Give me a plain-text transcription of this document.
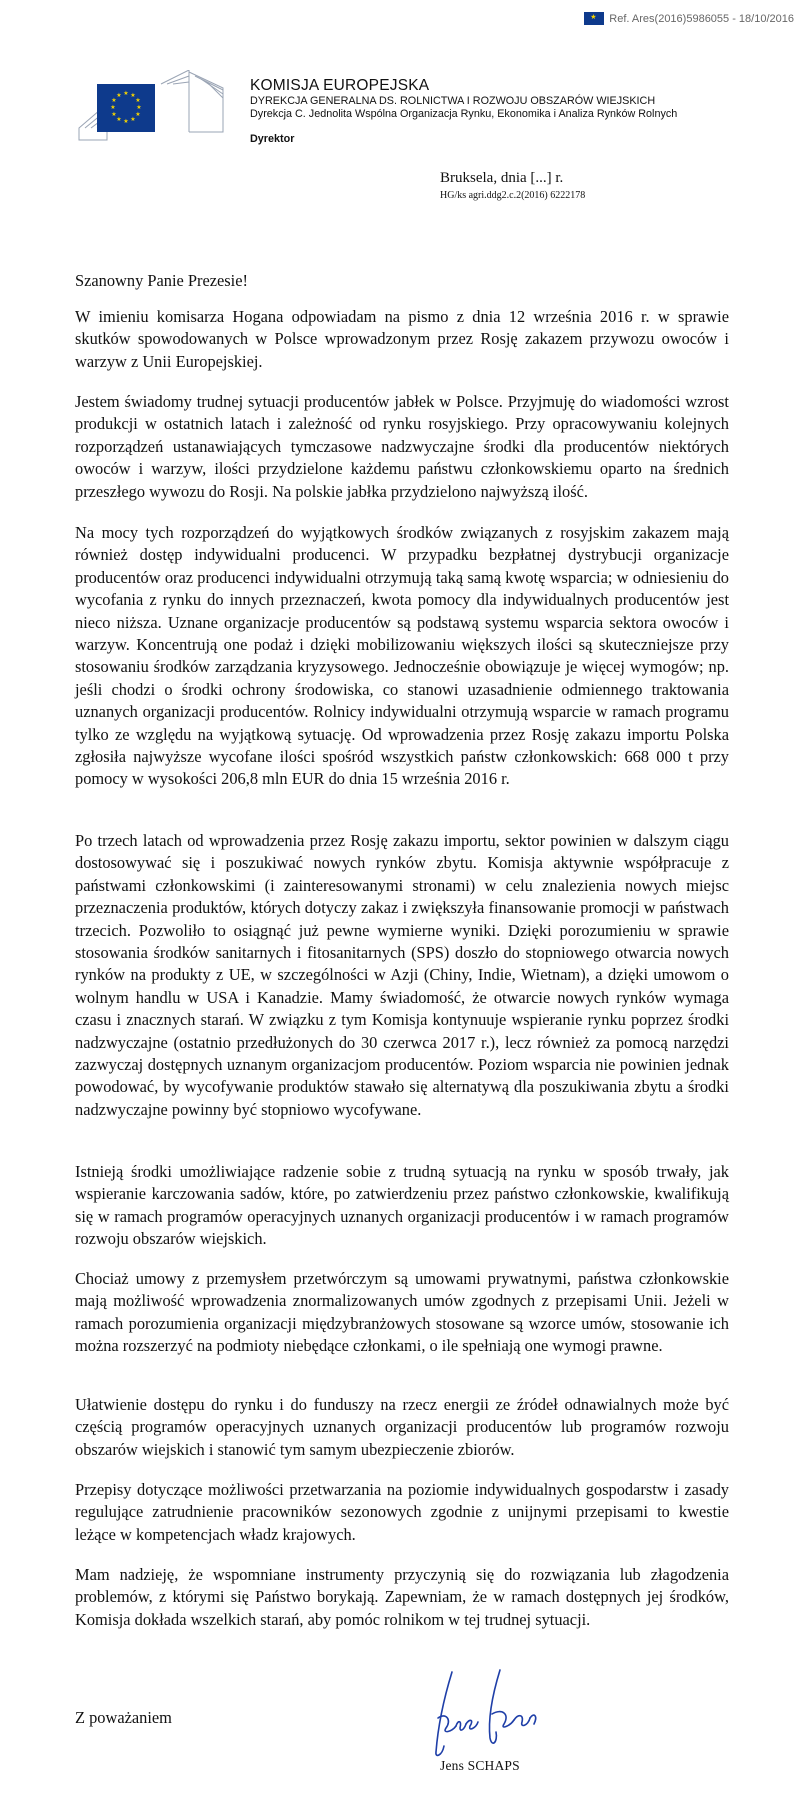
★
Ref. Ares(2016)5986055 - 18/10/2016
★ ★
★
★
★
★
★
★
★
★
★
★
KOMISJA EUROPEJSKA
DYREKCJA GENERALNA DS. ROLNICTWA I ROZWOJU OBSZARÓW WIEJSKICH
Dyrekcja C. Jednolita Wspólna Organizacja Rynku, Ekonomika i Analiza Rynków Rolnych
Dyrektor
Bruksela, dnia [...] r.
HG/ks agri.ddg2.c.2(2016) 6222178

Szanowny Panie Prezesie!

W imieniu komisarza Hogana odpowiadam na pismo z dnia 12 września 2016 r. w sprawie skutków spowodowanych w Polsce wprowadzonym przez Rosję zakazem przywozu owoców i warzyw z Unii Europejskiej.

Jestem świadomy trudnej sytuacji producentów jabłek w Polsce. Przyjmuję do wiadomości wzrost produkcji w ostatnich latach i zależność od rynku rosyjskiego. Przy opracowywaniu kolejnych rozporządzeń ustanawiających tymczasowe nadzwyczajne środki dla producentów niektórych owoców i warzyw, ilości przydzielone każdemu państwu członkowskiemu oparto na średnich przeszłego wywozu do Rosji. Na polskie jabłka przydzielono najwyższą ilość.

Na mocy tych rozporządzeń do wyjątkowych środków związanych z rosyjskim zakazem mają również dostęp indywidualni producenci. W przypadku bezpłatnej dystrybucji organizacje producentów oraz producenci indywidualni otrzymują taką samą kwotę wsparcia; w odniesieniu do wycofania z rynku do innych przeznaczeń, kwota pomocy dla indywidualnych producentów jest nieco niższa. Uznane organizacje producentów są podstawą systemu wsparcia sektora owoców i warzyw. Koncentrują one podaż i dzięki mobilizowaniu większych ilości są skuteczniejsze przy stosowaniu środków zarządzania kryzysowego. Jednocześnie obowiązuje je więcej wymogów; np. jeśli chodzi o środki ochrony środowiska, co stanowi uzasadnienie odmiennego traktowania uznanych organizacji producentów. Rolnicy indywidualni otrzymują wsparcie w ramach programu tylko ze względu na wyjątkową sytuację. Od wprowadzenia przez Rosję zakazu importu Polska zgłosiła najwyższe wycofane ilości spośród wszystkich państw członkowskich: 668 000 t przy pomocy w wysokości 206,8 mln EUR do dnia 15 września 2016 r.

Po trzech latach od wprowadzenia przez Rosję zakazu importu, sektor powinien w dalszym ciągu dostosowywać się i poszukiwać nowych rynków zbytu. Komisja aktywnie współpracuje z państwami członkowskimi (i zainteresowanymi stronami) w celu znalezienia nowych miejsc przeznaczenia produktów, których dotyczy zakaz i zwiększyła finansowanie promocji w państwach trzecich. Pozwoliło to osiągnąć już pewne wymierne wyniki. Dzięki porozumieniu w sprawie stosowania środków sanitarnych i fitosanitarnych (SPS) doszło do stopniowego otwarcia nowych rynków na produkty z UE, w szczególności w Azji (Chiny, Indie, Wietnam), a dzięki umowom o wolnym handlu w USA i Kanadzie. Mamy świadomość, że otwarcie nowych rynków wymaga czasu i znacznych starań. W związku z tym Komisja kontynuuje wspieranie rynku poprzez środki nadzwyczajne (ostatnio przedłużonych do 30 czerwca 2017 r.), lecz również za pomocą narzędzi zazwyczaj dostępnych uznanym organizacjom producentów. Poziom wsparcia nie powinien jednak powodować, by wycofywanie produktów stawało się alternatywą dla poszukiwania zbytu a środki nadzwyczajne powinny być stopniowo wycofywane.

Istnieją środki umożliwiające radzenie sobie z trudną sytuacją na rynku w sposób trwały, jak wspieranie karczowania sadów, które, po zatwierdzeniu przez państwo członkowskie, kwalifikują się w ramach programów operacyjnych uznanych organizacji producentów i w ramach programów rozwoju obszarów wiejskich.

Chociaż umowy z przemysłem przetwórczym są umowami prywatnymi, państwa członkowskie mają możliwość wprowadzenia znormalizowanych umów zgodnych z przepisami Unii. Jeżeli w ramach porozumienia organizacji międzybranżowych stosowane są wzorce umów, stosowanie ich można rozszerzyć na podmioty niebędące członkami, o ile spełniają one wymogi prawne.

Ułatwienie dostępu do rynku i do funduszy na rzecz energii ze źródeł odnawialnych może być częścią programów operacyjnych uznanych organizacji producentów lub programów rozwoju obszarów wiejskich i stanowić tym samym ubezpieczenie zbiorów.

Przepisy dotyczące możliwości przetwarzania na poziomie indywidualnych gospodarstw i zasady regulujące zatrudnienie pracowników sezonowych zgodnie z unijnymi przepisami to kwestie leżące w kompetencjach władz krajowych.

Mam nadzieję, że wspomniane instrumenty przyczynią się do rozwiązania lub złagodzenia problemów, z którymi się Państwo borykają. Zapewniam, że w ramach dostępnych jej środków, Komisja dokłada wszelkich starań, aby pomóc rolnikom w tej trudnej sytuacji.

Z poważaniem

Jens SCHAPS
